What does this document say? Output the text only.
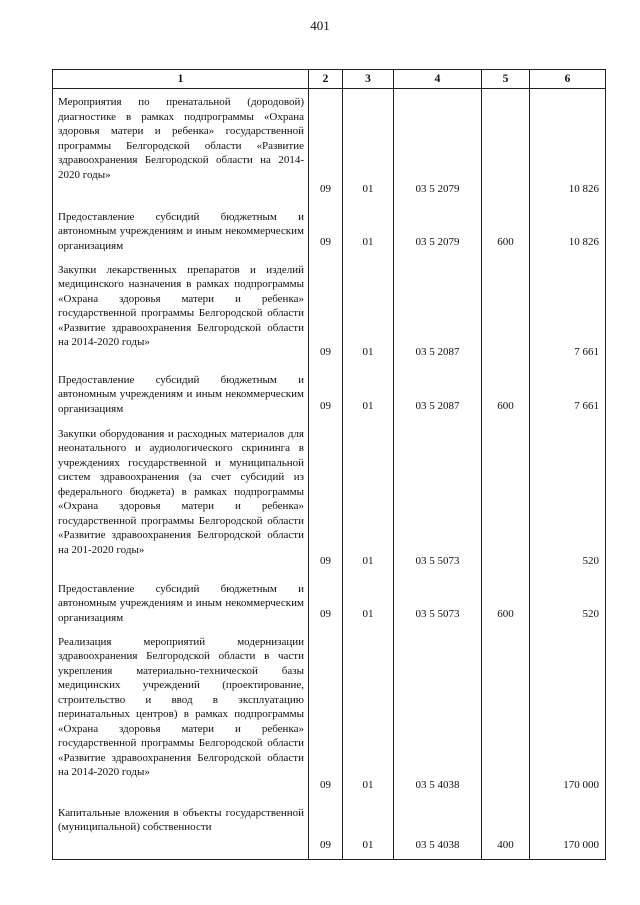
401
1	2	3	4	5	6
Мероприятия по пренатальной (дородовой) диагностике в рамках подпрограммы «Охрана здоровья матери и ребенка» государственной программы Белгородской области «Развитие здравоохранения Белгородской области на 2014-2020 годы»	09	01	03 5 2079		10 826
Предоставление субсидий бюджетным и автономным учреждениям и иным некоммерческим организациям	09	01	03 5 2079	600	10 826
Закупки лекарственных препаратов и изделий медицинского назначения в рамках подпрограммы «Охрана здоровья матери и ребенка» государственной программы Белгородской области «Развитие здравоохранения Белгородской области на 2014-2020 годы»	09	01	03 5 2087		7 661
Предоставление субсидий бюджетным и автономным учреждениям и иным некоммерческим организациям	09	01	03 5 2087	600	7 661
Закупки оборудования и расходных материалов для неонатального и аудиологического скрининга в учреждениях государственной и муниципальной систем здравоохранения (за счет субсидий из федерального бюджета) в рамках подпрограммы «Охрана здоровья матери и ребенка» государственной программы Белгородской области «Развитие здравоохранения Белгородской области на 201-2020 годы»	09	01	03 5 5073		520
Предоставление субсидий бюджетным и автономным учреждениям и иным некоммерческим организациям	09	01	03 5 5073	600	520
Реализация мероприятий модернизации здравоохранения Белгородской области в части укрепления материально-технической базы медицинских учреждений (проектирование, строительство и ввод в эксплуатацию перинатальных центров) в рамках подпрограммы «Охрана здоровья матери и ребенка» государственной программы Белгородской области «Развитие здравоохранения Белгородской области на 2014-2020 годы»	09	01	03 5 4038		170 000
Капитальные вложения в объекты государственной (муниципальной) собственности	09	01	03 5 4038	400	170 000
